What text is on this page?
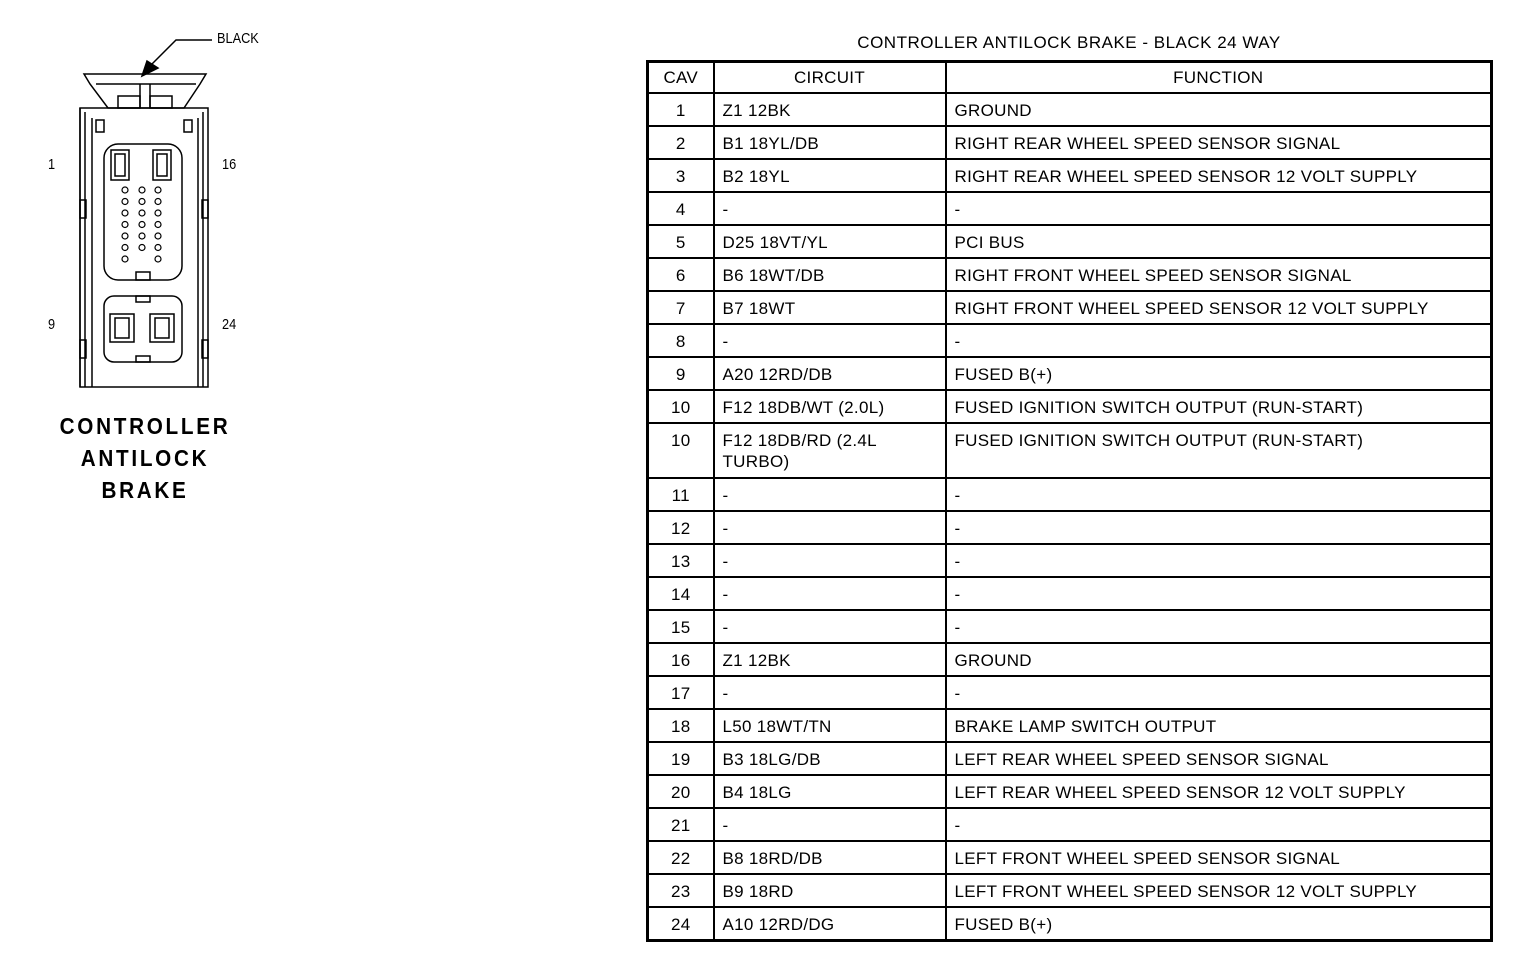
BLACK
1	16
9	24
CONTROLLER
ANTILOCK
BRAKE
CONTROLLER ANTILOCK BRAKE - BLACK 24 WAY
CAV	CIRCUIT	FUNCTION
1	Z1 12BK	GROUND
2	B1 18YL/DB	RIGHT REAR WHEEL SPEED SENSOR SIGNAL
3	B2 18YL	RIGHT REAR WHEEL SPEED SENSOR 12 VOLT SUPPLY
4	-	-
5	D25 18VT/YL	PCI BUS
6	B6 18WT/DB	RIGHT FRONT WHEEL SPEED SENSOR SIGNAL
7	B7 18WT	RIGHT FRONT WHEEL SPEED SENSOR 12 VOLT SUPPLY
8	-	-
9	A20 12RD/DB	FUSED B(+)
10	F12 18DB/WT (2.0L)	FUSED IGNITION SWITCH OUTPUT (RUN-START)
10	F12 18DB/RD (2.4L TURBO)	FUSED IGNITION SWITCH OUTPUT (RUN-START)
11	-	-
12	-	-
13	-	-
14	-	-
15	-	-
16	Z1 12BK	GROUND
17	-	-
18	L50 18WT/TN	BRAKE LAMP SWITCH OUTPUT
19	B3 18LG/DB	LEFT REAR WHEEL SPEED SENSOR SIGNAL
20	B4 18LG	LEFT REAR WHEEL SPEED SENSOR 12 VOLT SUPPLY
21	-	-
22	B8 18RD/DB	LEFT FRONT WHEEL SPEED SENSOR SIGNAL
23	B9 18RD	LEFT FRONT WHEEL SPEED SENSOR 12 VOLT SUPPLY
24	A10 12RD/DG	FUSED B(+)
